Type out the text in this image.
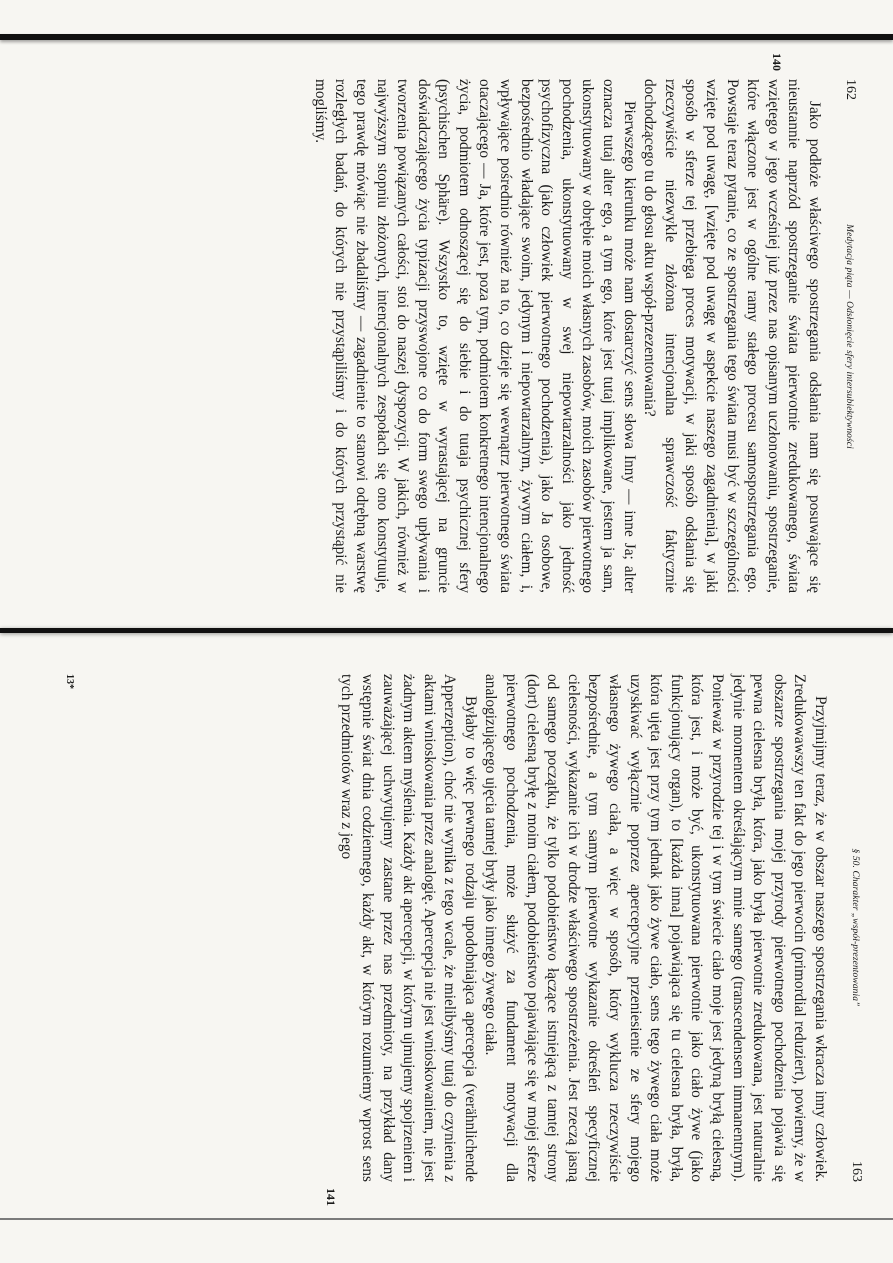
162
Medytacja piąta — Odsłonięcie sfery intersubiektywności

Jako podłoże właściwego spostrzegania odsłania nam się posuwające się nieustannie naprzód spostrzeganie świata pierwotnie zredukowanego, świata wziętego w jego wcześniej już przez nas opisanym uczłonowaniu, spostrzeganie, które włączone jest w ogólne ramy stałego procesu samospostrzegania ego. Powstaje teraz pytanie, co ze spostrzegania tego świata musi być w szczególności wzięte pod uwagę, [wzięte pod uwagę w aspekcie naszego zagadnienia], w jaki sposób w sferze tej przebiega proces motywacji, w jaki sposób odsłania się rzeczywiście niezwykle złożona intencjonalna sprawczość faktycznie dochodzącego tu do głosu aktu współ-przezentowania?

Pierwszego kierunku może nam dostarczyć sens słowa Inny — inne Ja; alter oznacza tutaj alter ego, a tym ego, które jest tutaj implikowane, jestem ja sam, ukonstytuowany w obrębie moich własnych zasobów, moich zasobów pierwotnego pochodzenia, ukonstytuowany w swej niepowtarzalności jako jedność psychofizyczna (jako człowiek pierwotnego pochodzenia), jako Ja osobowe, bezpośrednio władające swoim, jedynym i niepowtarzalnym, żywym ciałem, i, wpływające pośrednio również na to, co dzieje się wewnątrz pierwotnego świata otaczającego — Ja, które jest, poza tym, podmiotem konkretnego intencjonalnego życia, podmiotem odnoszącej się do siebie i do tutaja psychicznej sfery (psychischen Sphäre). Wszystko to, wzięte w wyrastającej na gruncie doświadczającego życia typizacji przyswojone co do form swego upływania i tworzenia powiązanych całości, stoi do naszej dyspozycji. W jakich, również w najwyższym stopniu złożonych, intencjonalnych zespołach się ono konstytuuje, tego prawdę mówiąc nie zbadaliśmy — zagadnienie to stanowi odrębną warstwę rozległych badań, do których nie przystąpiliśmy i do których przystąpić nie mogliśmy.

140
§ 50. Charakter „współ-prezentowania”
163

Przyjmijmy teraz, że w obszar naszego spostrzegania wkracza inny człowiek. Zredukowawszy ten fakt do jego pierwocin (primordial reduziert), powiemy, że w obszarze spostrzegania mojej przyrody pierwotnego pochodzenia pojawia się pewna cielesna bryła, która, jako bryła pierwotnie zredukowana, jest naturalnie jedynie momentem określającym mnie samego (transcendensem immanentnym). Ponieważ w przyrodzie tej i w tym świecie ciało moje jest jedyną bryłą cielesną, która jest, i może być, ukonstytuowana pierwotnie jako ciało żywe (jako funkcjonujący organ), to [każda inna] pojawiająca się tu cielesna bryła, bryła, która ujęta jest przy tym jednak jako żywe ciało, sens tego żywego ciała może uzyskiwać wyłącznie poprzez apercepcyjne przeniesienie ze sfery mojego własnego żywego ciała, a więc w sposób, który wyklucza rzeczywiście bezpośrednie, a tym samym pierwotne wykazanie określeń specyficznej cielesności, wykazanie ich w drodze właściwego spostrzeżenia. Jest rzeczą jasną od samego początku, że tylko podobieństwo łączące istniejącą z tamtej strony (dort) cielesną bryłę z moim ciałem, podobieństwo pojawiające się w mojej sferze pierwotnego pochodzenia, może służyć za fundament motywacji dla analogizującego ujęcia tamtej bryły jako innego żywego ciała.

Byłaby to więc pewnego rodzaju upodobniająca apercepcja (verähnlichende Apperzeption), choć nie wynika z tego wcale, że mielibyśmy tutaj do czynienia z aktami wnioskowania przez analogię. Apercepcja nie jest wnioskowaniem, nie jest żadnym aktem myślenia. Każdy akt apercepcji, w którym ujmujemy spojrzeniem i zauważającej uchwytujemy zastane przez nas przedmioty, na przykład dany wstępnie świat dnia codziennego, każdy akt, w którym rozumiemy wprost sens tych przedmiotów wraz z jego

141
13*
